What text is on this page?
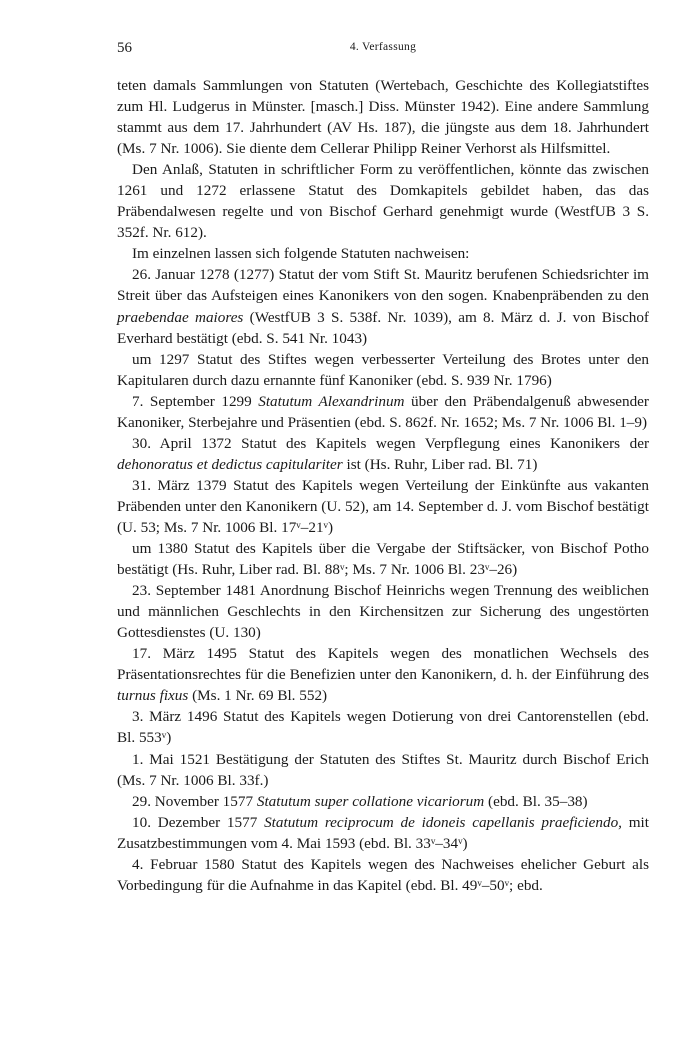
56	4. Verfassung

teten damals Sammlungen von Statuten (Wertebach, Geschichte des Kollegiatstiftes zum Hl. Ludgerus in Münster. [masch.] Diss. Münster 1942). Eine andere Sammlung stammt aus dem 17. Jahrhundert (AV Hs. 187), die jüngste aus dem 18. Jahrhundert (Ms. 7 Nr. 1006). Sie diente dem Cellerar Philipp Reiner Verhorst als Hilfsmittel.

Den Anlaß, Statuten in schriftlicher Form zu veröffentlichen, könnte das zwischen 1261 und 1272 erlassene Statut des Domkapitels gebildet haben, das das Präbendalwesen regelte und von Bischof Gerhard genehmigt wurde (WestfUB 3 S. 352f. Nr. 612).

Im einzelnen lassen sich folgende Statuten nachweisen:

26. Januar 1278 (1277) Statut der vom Stift St. Mauritz berufenen Schiedsrichter im Streit über das Aufsteigen eines Kanonikers von den sogen. Knabenpräbenden zu den praebendae maiores (WestfUB 3 S. 538f. Nr. 1039), am 8. März d. J. von Bischof Everhard bestätigt (ebd. S. 541 Nr. 1043)

um 1297 Statut des Stiftes wegen verbesserter Verteilung des Brotes unter den Kapitularen durch dazu ernannte fünf Kanoniker (ebd. S. 939 Nr. 1796)

7. September 1299 Statutum Alexandrinum über den Präbendalgenuß abwesender Kanoniker, Sterbejahre und Präsentien (ebd. S. 862f. Nr. 1652; Ms. 7 Nr. 1006 Bl. 1–9)

30. April 1372 Statut des Kapitels wegen Verpflegung eines Kanonikers der dehonoratus et dedictus capitulariter ist (Hs. Ruhr, Liber rad. Bl. 71)

31. März 1379 Statut des Kapitels wegen Verteilung der Einkünfte aus vakanten Präbenden unter den Kanonikern (U. 52), am 14. September d. J. vom Bischof bestätigt (U. 53; Ms. 7 Nr. 1006 Bl. 17ᵛ–21ᵛ)

um 1380 Statut des Kapitels über die Vergabe der Stiftsäcker, von Bischof Potho bestätigt (Hs. Ruhr, Liber rad. Bl. 88ᵛ; Ms. 7 Nr. 1006 Bl. 23ᵛ–26)

23. September 1481 Anordnung Bischof Heinrichs wegen Trennung des weiblichen und männlichen Geschlechts in den Kirchensitzen zur Sicherung des ungestörten Gottesdienstes (U. 130)

17. März 1495 Statut des Kapitels wegen des monatlichen Wechsels des Präsentationsrechtes für die Benefizien unter den Kanonikern, d. h. der Einführung des turnus fixus (Ms. 1 Nr. 69 Bl. 552)

3. März 1496 Statut des Kapitels wegen Dotierung von drei Cantorenstellen (ebd. Bl. 553ᵛ)

1. Mai 1521 Bestätigung der Statuten des Stiftes St. Mauritz durch Bischof Erich (Ms. 7 Nr. 1006 Bl. 33f.)

29. November 1577 Statutum super collatione vicariorum (ebd. Bl. 35–38)

10. Dezember 1577 Statutum reciprocum de idoneis capellanis praeficiendo, mit Zusatzbestimmungen vom 4. Mai 1593 (ebd. Bl. 33ᵛ–34ᵛ)

4. Februar 1580 Statut des Kapitels wegen des Nachweises ehelicher Geburt als Vorbedingung für die Aufnahme in das Kapitel (ebd. Bl. 49ᵛ–50ᵛ; ebd.
